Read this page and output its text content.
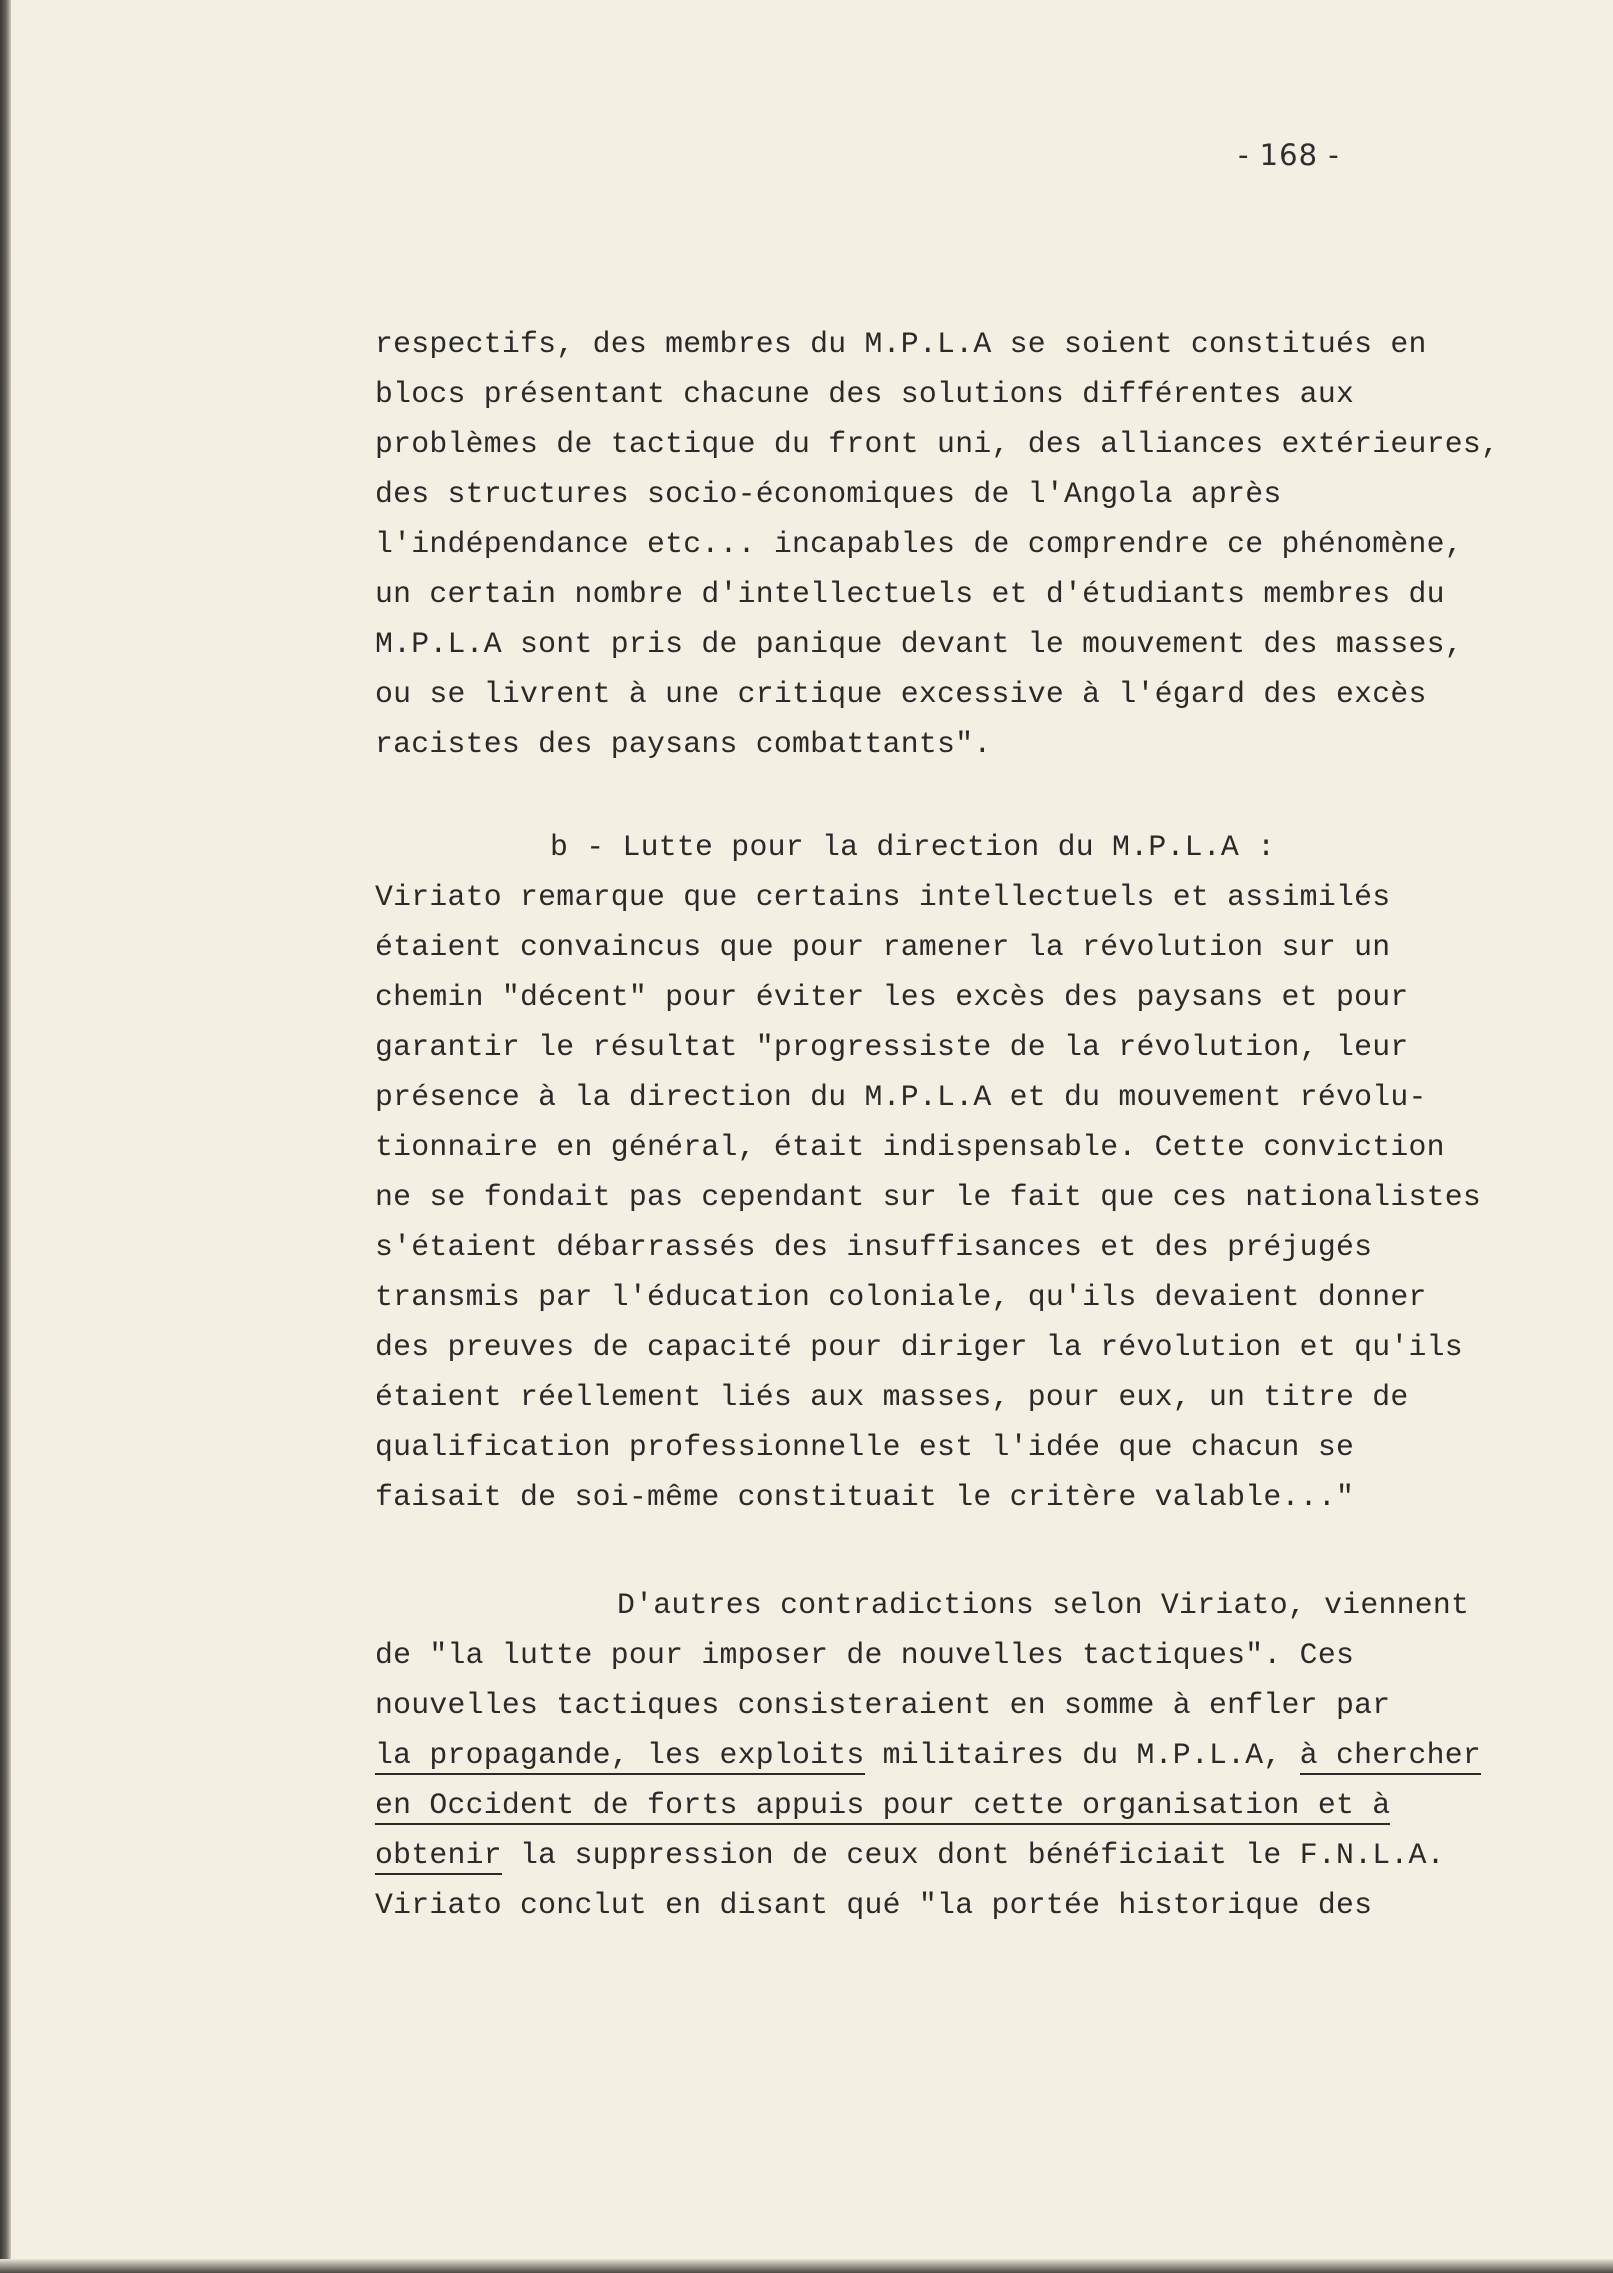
- 168 -

respectifs, des membres du M.P.L.A se soient constitués en

blocs présentant chacune des solutions différentes aux

problèmes de tactique du front uni, des alliances extérieures,

des structures socio-économiques de l'Angola après

l'indépendance etc... incapables de comprendre ce phénomène,

un certain nombre d'intellectuels et d'étudiants membres du

M.P.L.A sont pris de panique devant le mouvement des masses,

ou se livrent à une critique excessive à l'égard des excès

racistes des paysans combattants".

b - Lutte pour la direction du M.P.L.A :

Viriato remarque que certains intellectuels et assimilés

étaient convaincus que pour ramener la révolution sur un

chemin "décent" pour éviter les excès des paysans et pour

garantir le résultat "progressiste de la révolution, leur

présence à la direction du M.P.L.A et du mouvement révolu-

tionnaire en général, était indispensable. Cette conviction

ne se fondait pas cependant sur le fait que ces nationalistes

s'étaient débarrassés des insuffisances et des préjugés

transmis par l'éducation coloniale, qu'ils devaient donner

des preuves de capacité pour diriger la révolution et qu'ils

étaient réellement liés aux masses, pour eux, un titre de

qualification professionnelle est l'idée que chacun se

faisait de soi-même constituait le critère valable..."

D'autres contradictions selon Viriato, viennent

de "la lutte pour imposer de nouvelles tactiques". Ces

nouvelles tactiques consisteraient en somme à enfler par

la propagande, les exploits militaires du M.P.L.A, à chercher

en Occident de forts appuis pour cette organisation et à

obtenir la suppression de ceux dont bénéficiait le F.N.L.A.

Viriato conclut en disant qué "la portée historique des
